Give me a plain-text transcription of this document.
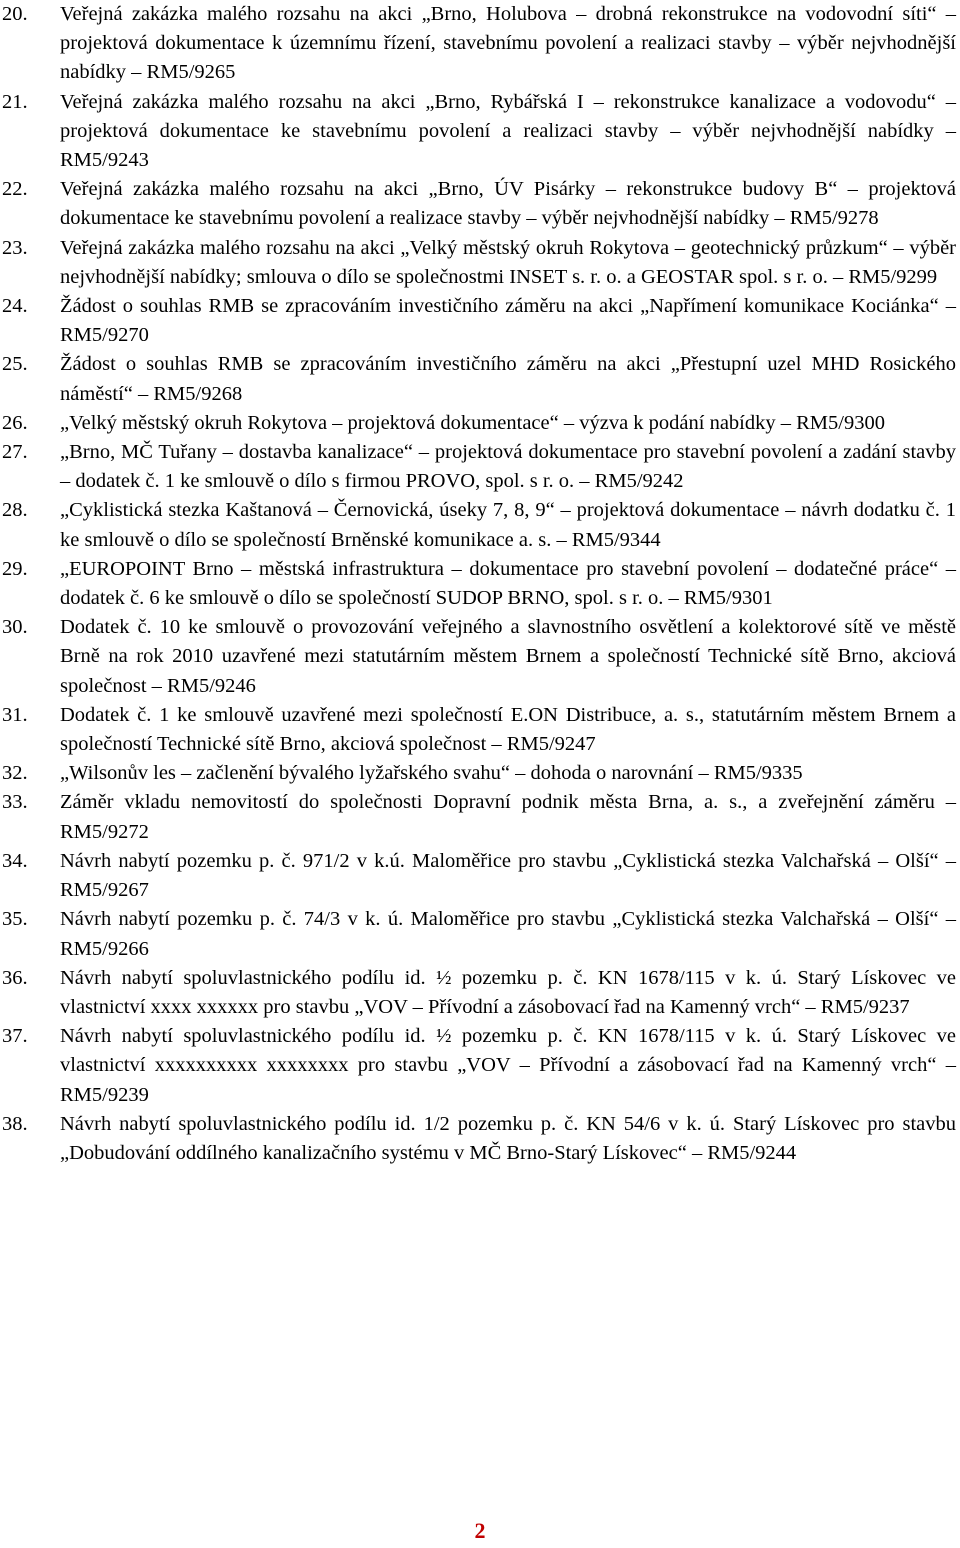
20.	Veřejná zakázka malého rozsahu na akci „Brno, Holubova – drobná rekonstrukce na vodovodní síti“ – projektová dokumentace k územnímu řízení, stavebnímu povolení a realizaci stavby – výběr nejvhodnější nabídky – RM5/9265
21.	Veřejná zakázka malého rozsahu na akci „Brno, Rybářská I – rekonstrukce kanalizace a vodovodu“ – projektová dokumentace ke stavebnímu povolení a realizaci stavby – výběr nejvhodnější nabídky – RM5/9243
22.	Veřejná zakázka malého rozsahu na akci „Brno, ÚV Pisárky – rekonstrukce budovy B“ – projektová dokumentace ke stavebnímu povolení a realizace stavby – výběr nejvhodnější nabídky – RM5/9278
23.	Veřejná zakázka malého rozsahu na akci „Velký městský okruh Rokytova – geotechnický průzkum“ – výběr nejvhodnější nabídky; smlouva o dílo se společnostmi INSET s. r. o. a GEOSTAR spol. s r. o. – RM5/9299
24.	Žádost o souhlas RMB se zpracováním investičního záměru na akci „Napřímení komunikace Kociánka“ – RM5/9270
25.	Žádost o souhlas RMB se zpracováním investičního záměru na akci „Přestupní uzel MHD Rosického náměstí“ – RM5/9268
26.	„Velký městský okruh Rokytova – projektová dokumentace“ – výzva k podání nabídky – RM5/9300
27.	„Brno, MČ Tuřany – dostavba kanalizace“ – projektová dokumentace pro stavební povolení a zadání stavby – dodatek č. 1 ke smlouvě o dílo s firmou PROVO, spol. s r. o. – RM5/9242
28.	„Cyklistická stezka Kaštanová – Černovická, úseky 7, 8, 9“ – projektová dokumentace – návrh dodatku č. 1 ke smlouvě o dílo se společností Brněnské komunikace a. s. – RM5/9344
29.	„EUROPOINT Brno – městská infrastruktura – dokumentace pro stavební povolení – dodatečné práce“ – dodatek č. 6 ke smlouvě o dílo se společností SUDOP BRNO, spol. s r. o. – RM5/9301
30.	Dodatek č. 10 ke smlouvě o provozování veřejného a slavnostního osvětlení a kolektorové sítě ve městě Brně na rok 2010 uzavřené mezi statutárním městem Brnem a společností Technické sítě Brno, akciová společnost – RM5/9246
31.	Dodatek č. 1 ke smlouvě uzavřené mezi společností E.ON Distribuce, a. s., statutárním městem Brnem a společností Technické sítě Brno, akciová společnost – RM5/9247
32.	„Wilsonův les – začlenění bývalého lyžařského svahu“ – dohoda o narovnání – RM5/9335
33.	Záměr vkladu nemovitostí do společnosti Dopravní podnik města Brna, a. s., a zveřejnění záměru – RM5/9272
34.	Návrh nabytí pozemku p. č. 971/2 v k.ú. Maloměřice pro stavbu „Cyklistická stezka Valchařská – Olší“ – RM5/9267
35.	Návrh nabytí pozemku p. č. 74/3 v k. ú. Maloměřice pro stavbu „Cyklistická stezka Valchařská – Olší“ – RM5/9266
36.	Návrh nabytí spoluvlastnického podílu id. ½ pozemku p. č. KN 1678/115 v k. ú. Starý Lískovec ve vlastnictví xxxx xxxxxx pro stavbu „VOV – Přívodní a zásobovací řad na Kamenný vrch“ – RM5/9237
37.	Návrh nabytí spoluvlastnického podílu id. ½ pozemku p. č. KN 1678/115 v k. ú. Starý Lískovec ve vlastnictví xxxxxxxxxx xxxxxxxx pro stavbu „VOV – Přívodní a zásobovací řad na Kamenný vrch“ – RM5/9239
38.	Návrh nabytí spoluvlastnického podílu id. 1/2 pozemku p. č. KN 54/6 v k. ú. Starý Lískovec pro stavbu „Dobudování oddílného kanalizačního systému v MČ Brno-Starý Lískovec“ – RM5/9244
2
